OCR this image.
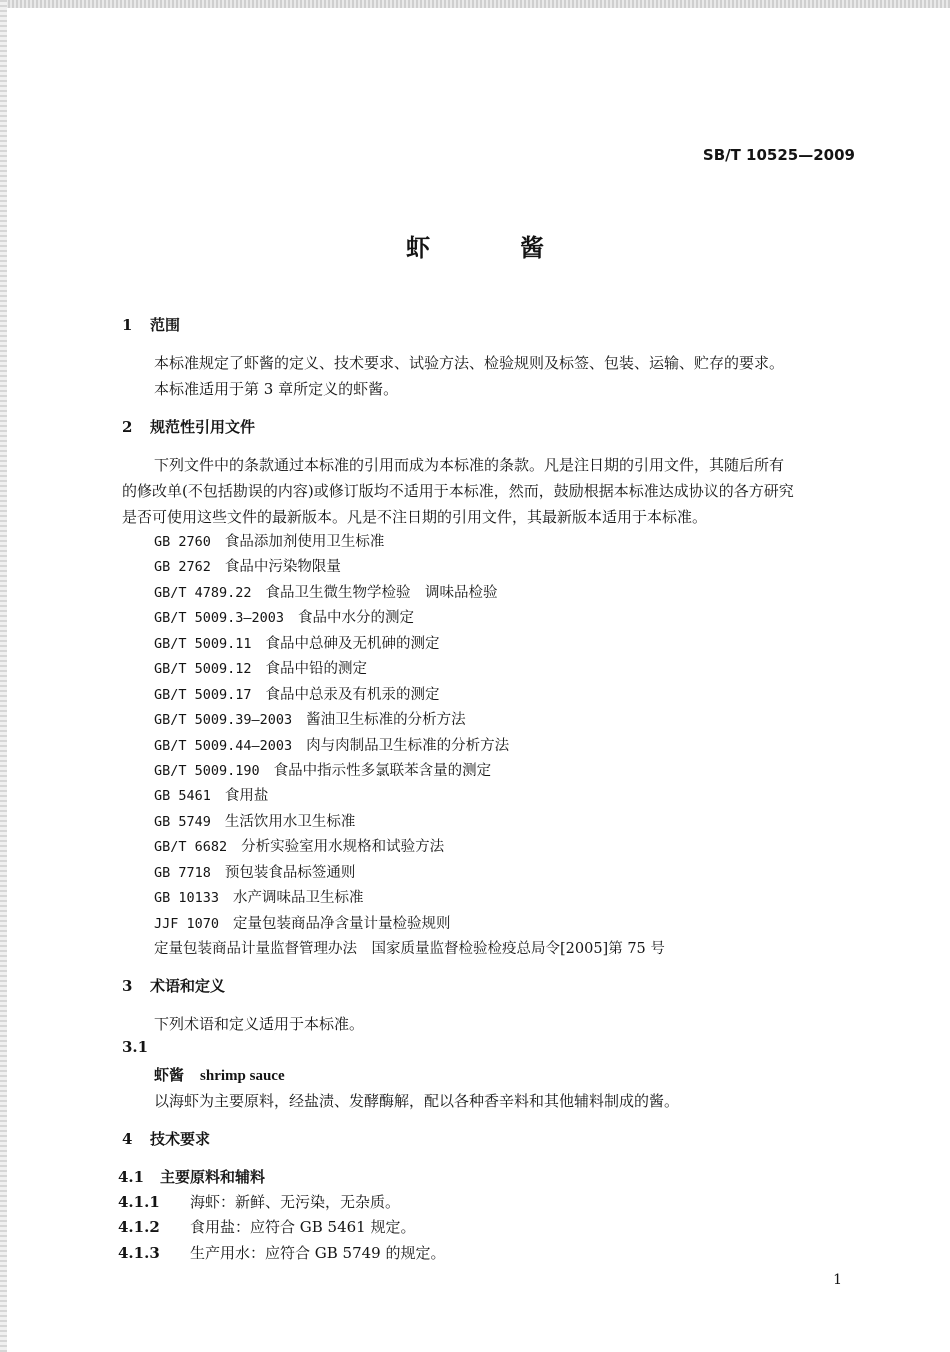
SB/T 10525—2009
虾酱
1 范围
本标准规定了虾酱的定义、技术要求、试验方法、检验规则及标签、包装、运输、贮存的要求。
本标准适用于第 3 章所定义的虾酱。
2 规范性引用文件
下列文件中的条款通过本标准的引用而成为本标准的条款。凡是注日期的引用文件，其随后所有
的修改单(不包括勘误的内容)或修订版均不适用于本标准，然而，鼓励根据本标准达成协议的各方研究
是否可使用这些文件的最新版本。凡是不注日期的引用文件，其最新版本适用于本标准。
GB 2760 食品添加剂使用卫生标准
GB 2762 食品中污染物限量
GB/T 4789.22 食品卫生微生物学检验　调味品检验
GB/T 5009.3—2003 食品中水分的测定
GB/T 5009.11 食品中总砷及无机砷的测定
GB/T 5009.12 食品中铅的测定
GB/T 5009.17 食品中总汞及有机汞的测定
GB/T 5009.39—2003 酱油卫生标准的分析方法
GB/T 5009.44—2003 肉与肉制品卫生标准的分析方法
GB/T 5009.190 食品中指示性多氯联苯含量的测定
GB 5461 食用盐
GB 5749 生活饮用水卫生标准
GB/T 6682 分析实验室用水规格和试验方法
GB 7718 预包装食品标签通则
GB 10133 水产调味品卫生标准
JJF 1070 定量包装商品净含量计量检验规则
定量包装商品计量监督管理办法　国家质量监督检验检疫总局令[2005]第 75 号
3 术语和定义
下列术语和定义适用于本标准。
3.1
虾酱 shrimp sauce
以海虾为主要原料，经盐渍、发酵酶解，配以各种香辛料和其他辅料制成的酱。
4 技术要求
4.1 主要原料和辅料
4.1.1 海虾：新鲜、无污染，无杂质。
4.1.2 食用盐：应符合 GB 5461 规定。
4.1.3 生产用水：应符合 GB 5749 的规定。
1
